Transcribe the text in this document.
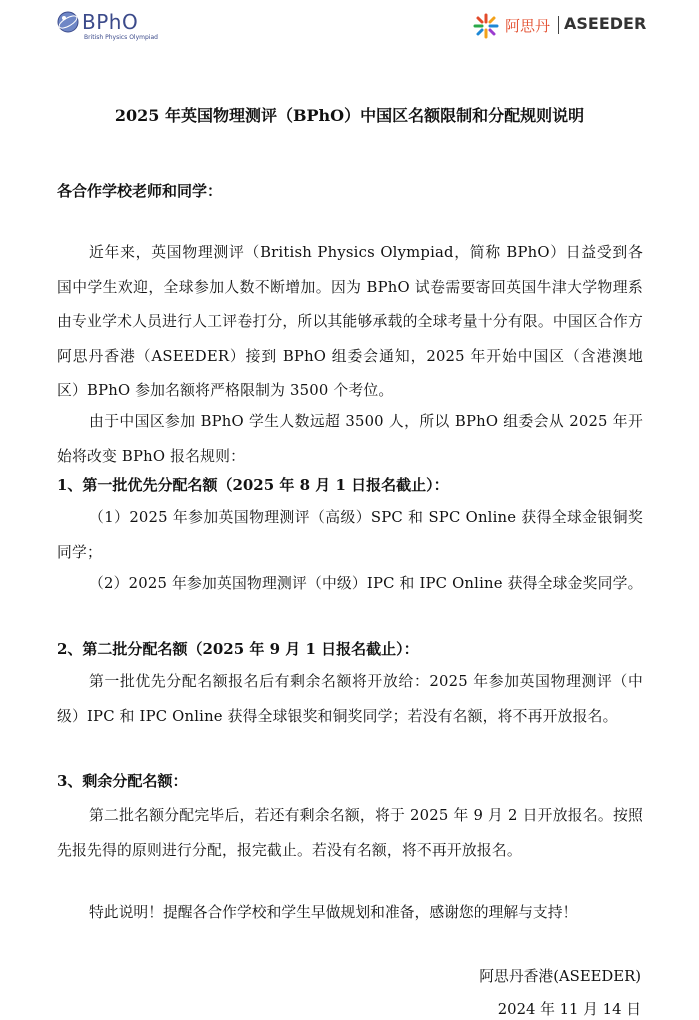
BPhO
British Physics Olympiad
阿思丹 ASEEDER
2025 年英国物理测评（BPhO）中国区名额限制和分配规则说明
各合作学校老师和同学：
近年来，英国物理测评（British Physics Olympiad，简称 BPhO）日益受到各国中学生欢迎，全球参加人数不断增加。因为 BPhO 试卷需要寄回英国牛津大学物理系由专业学术人员进行人工评卷打分，所以其能够承载的全球考量十分有限。中国区合作方阿思丹香港（ASEEDER）接到 BPhO 组委会通知，2025 年开始中国区（含港澳地区）BPhO 参加名额将严格限制为 3500 个考位。
由于中国区参加 BPhO 学生人数远超 3500 人，所以 BPhO 组委会从 2025 年开始将改变 BPhO 报名规则：
1、第一批优先分配名额（2025 年 8 月 1 日报名截止）：
（1）2025 年参加英国物理测评（高级）SPC 和 SPC Online 获得全球金银铜奖同学；
（2）2025 年参加英国物理测评（中级）IPC 和 IPC Online 获得全球金奖同学。
2、第二批分配名额（2025 年 9 月 1 日报名截止）：
第一批优先分配名额报名后有剩余名额将开放给：2025 年参加英国物理测评（中级）IPC 和 IPC Online 获得全球银奖和铜奖同学；若没有名额，将不再开放报名。
3、剩余分配名额：
第二批名额分配完毕后，若还有剩余名额，将于 2025 年 9 月 2 日开放报名。按照先报先得的原则进行分配，报完截止。若没有名额，将不再开放报名。
特此说明！提醒各合作学校和学生早做规划和准备，感谢您的理解与支持！
阿思丹香港(ASEEDER)
2024 年 11 月 14 日
